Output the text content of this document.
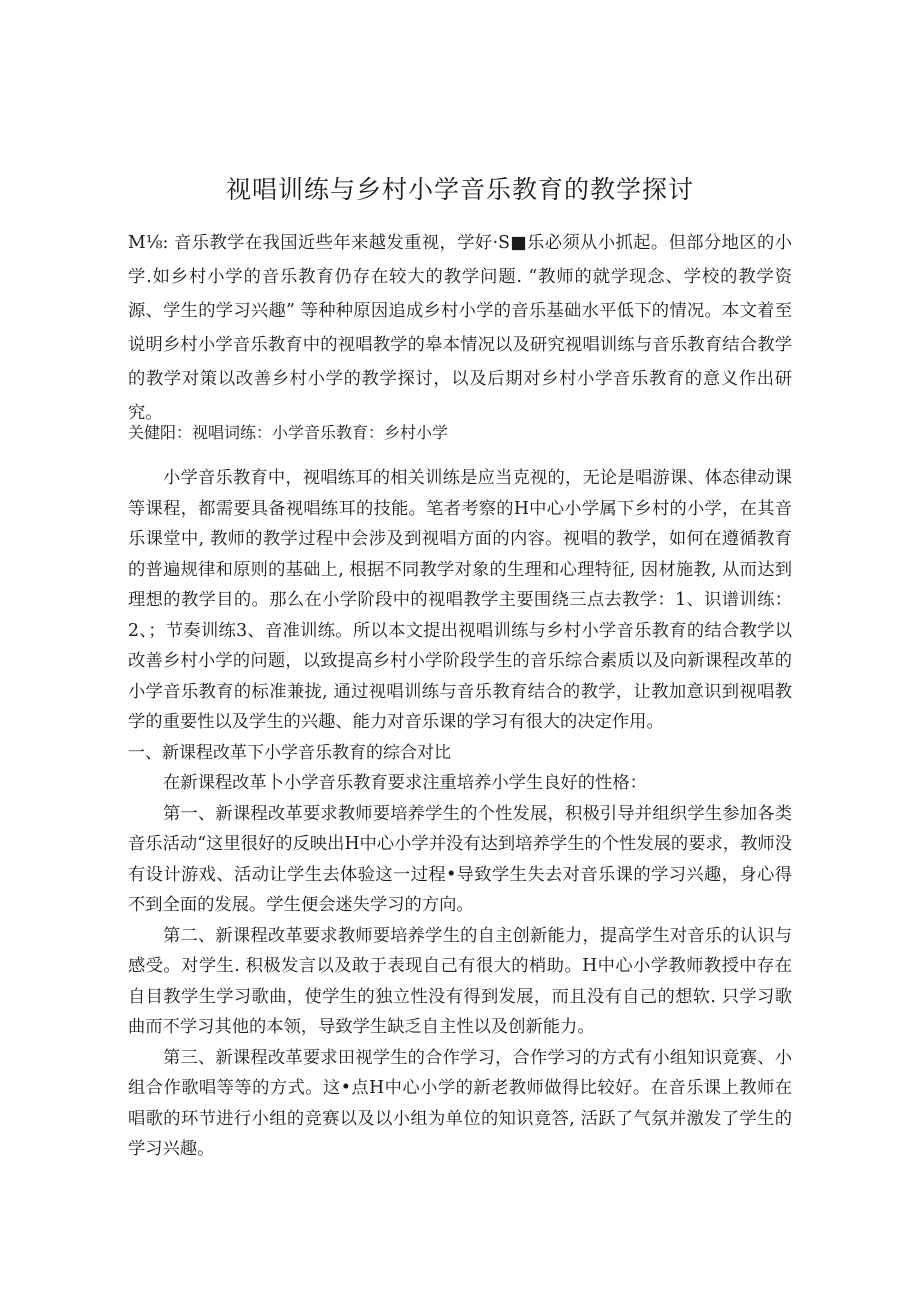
视唱训练与乡村小学音乐教育的教学探讨

M⅛: 音乐教学在我国近些年来越发重视，学好·S■乐必须从小抓起。但部分地区的小学.如乡村小学的音乐教育仍存在较大的教学问题. “教师的就学现念、学校的教学资源、学生的学习兴趣” 等种种原因追成乡村小学的音乐基础水平低下的情况。本文着至说明乡村小学音乐教育中的视唱教学的皋本情况以及研究视唱训练与音乐教育结合教学的教学对策以改善乡村小学的教学探讨，以及后期对乡村小学音乐教育的意义作出研究。

关健阳：视唱词练：小学音乐教育：乡村小学

小学音乐教育中，视唱练耳的相关训练是应当克视的，无论是唱游课、体态律动课等课程，都需要具备视唱练耳的技能。笔者考察的H中心小学属下乡村的小学，在其音乐课堂中, 教师的教学过程中会涉及到视唱方面的内容。视唱的教学，如何在遵循教育的普遍规律和原则的基础上, 根据不同教学对象的生理和心理特征, 因材施教, 从而达到理想的教学目的。那么在小学阶段中的视唱教学主要围绕三点去教学：1、识谱训练：2、；节奏训练3、音准训练。所以本文提出视唱训练与乡村小学音乐教育的结合教学以改善乡村小学的问题，以致提高乡村小学阶段学生的音乐综合素质以及向新课程改革的小学音乐教育的标准兼拢, 通过视唱训练与音乐教育结合的教学，让教加意识到视唱教学的重要性以及学生的兴趣、能力对音乐课的学习有很大的决定作用。

一、新课程改革下小学音乐教育的综合对比

在新课程改革卜小学音乐教育要求注重培养小学生良好的性格：

第一、新课程改革要求教师要培养学生的个性发展，积极引导并组织学生参加各类音乐活动“这里很好的反映出H中心小学并没有达到培养学生的个性发展的要求，教师没有设计游戏、活动让学生去体验这一过程•导致学生失去对音乐课的学习兴趣，身心得不到全面的发展。学生便会迷失学习的方向。

第二、新课程改革要求教师要培养学生的自主创新能力，提高学生对音乐的认识与感受。对学生. 积极发言以及敢于表现自己有很大的梢助。H中心小学教师教授中存在自目教学生学习歌曲，使学生的独立性没有得到发展，而且没有自己的想软. 只学习歌曲而不学习其他的本领，导致学生缺乏自主性以及创新能力。

第三、新课程改革要求田视学生的合作学习，合作学习的方式有小组知识竟赛、小组合作歌唱等等的方式。这•点H中心小学的新老教师做得比较好。在音乐课上教师在唱歌的环节进行小组的竞赛以及以小组为单位的知识竟答, 活跃了气氛并激发了学生的学习兴趣。
